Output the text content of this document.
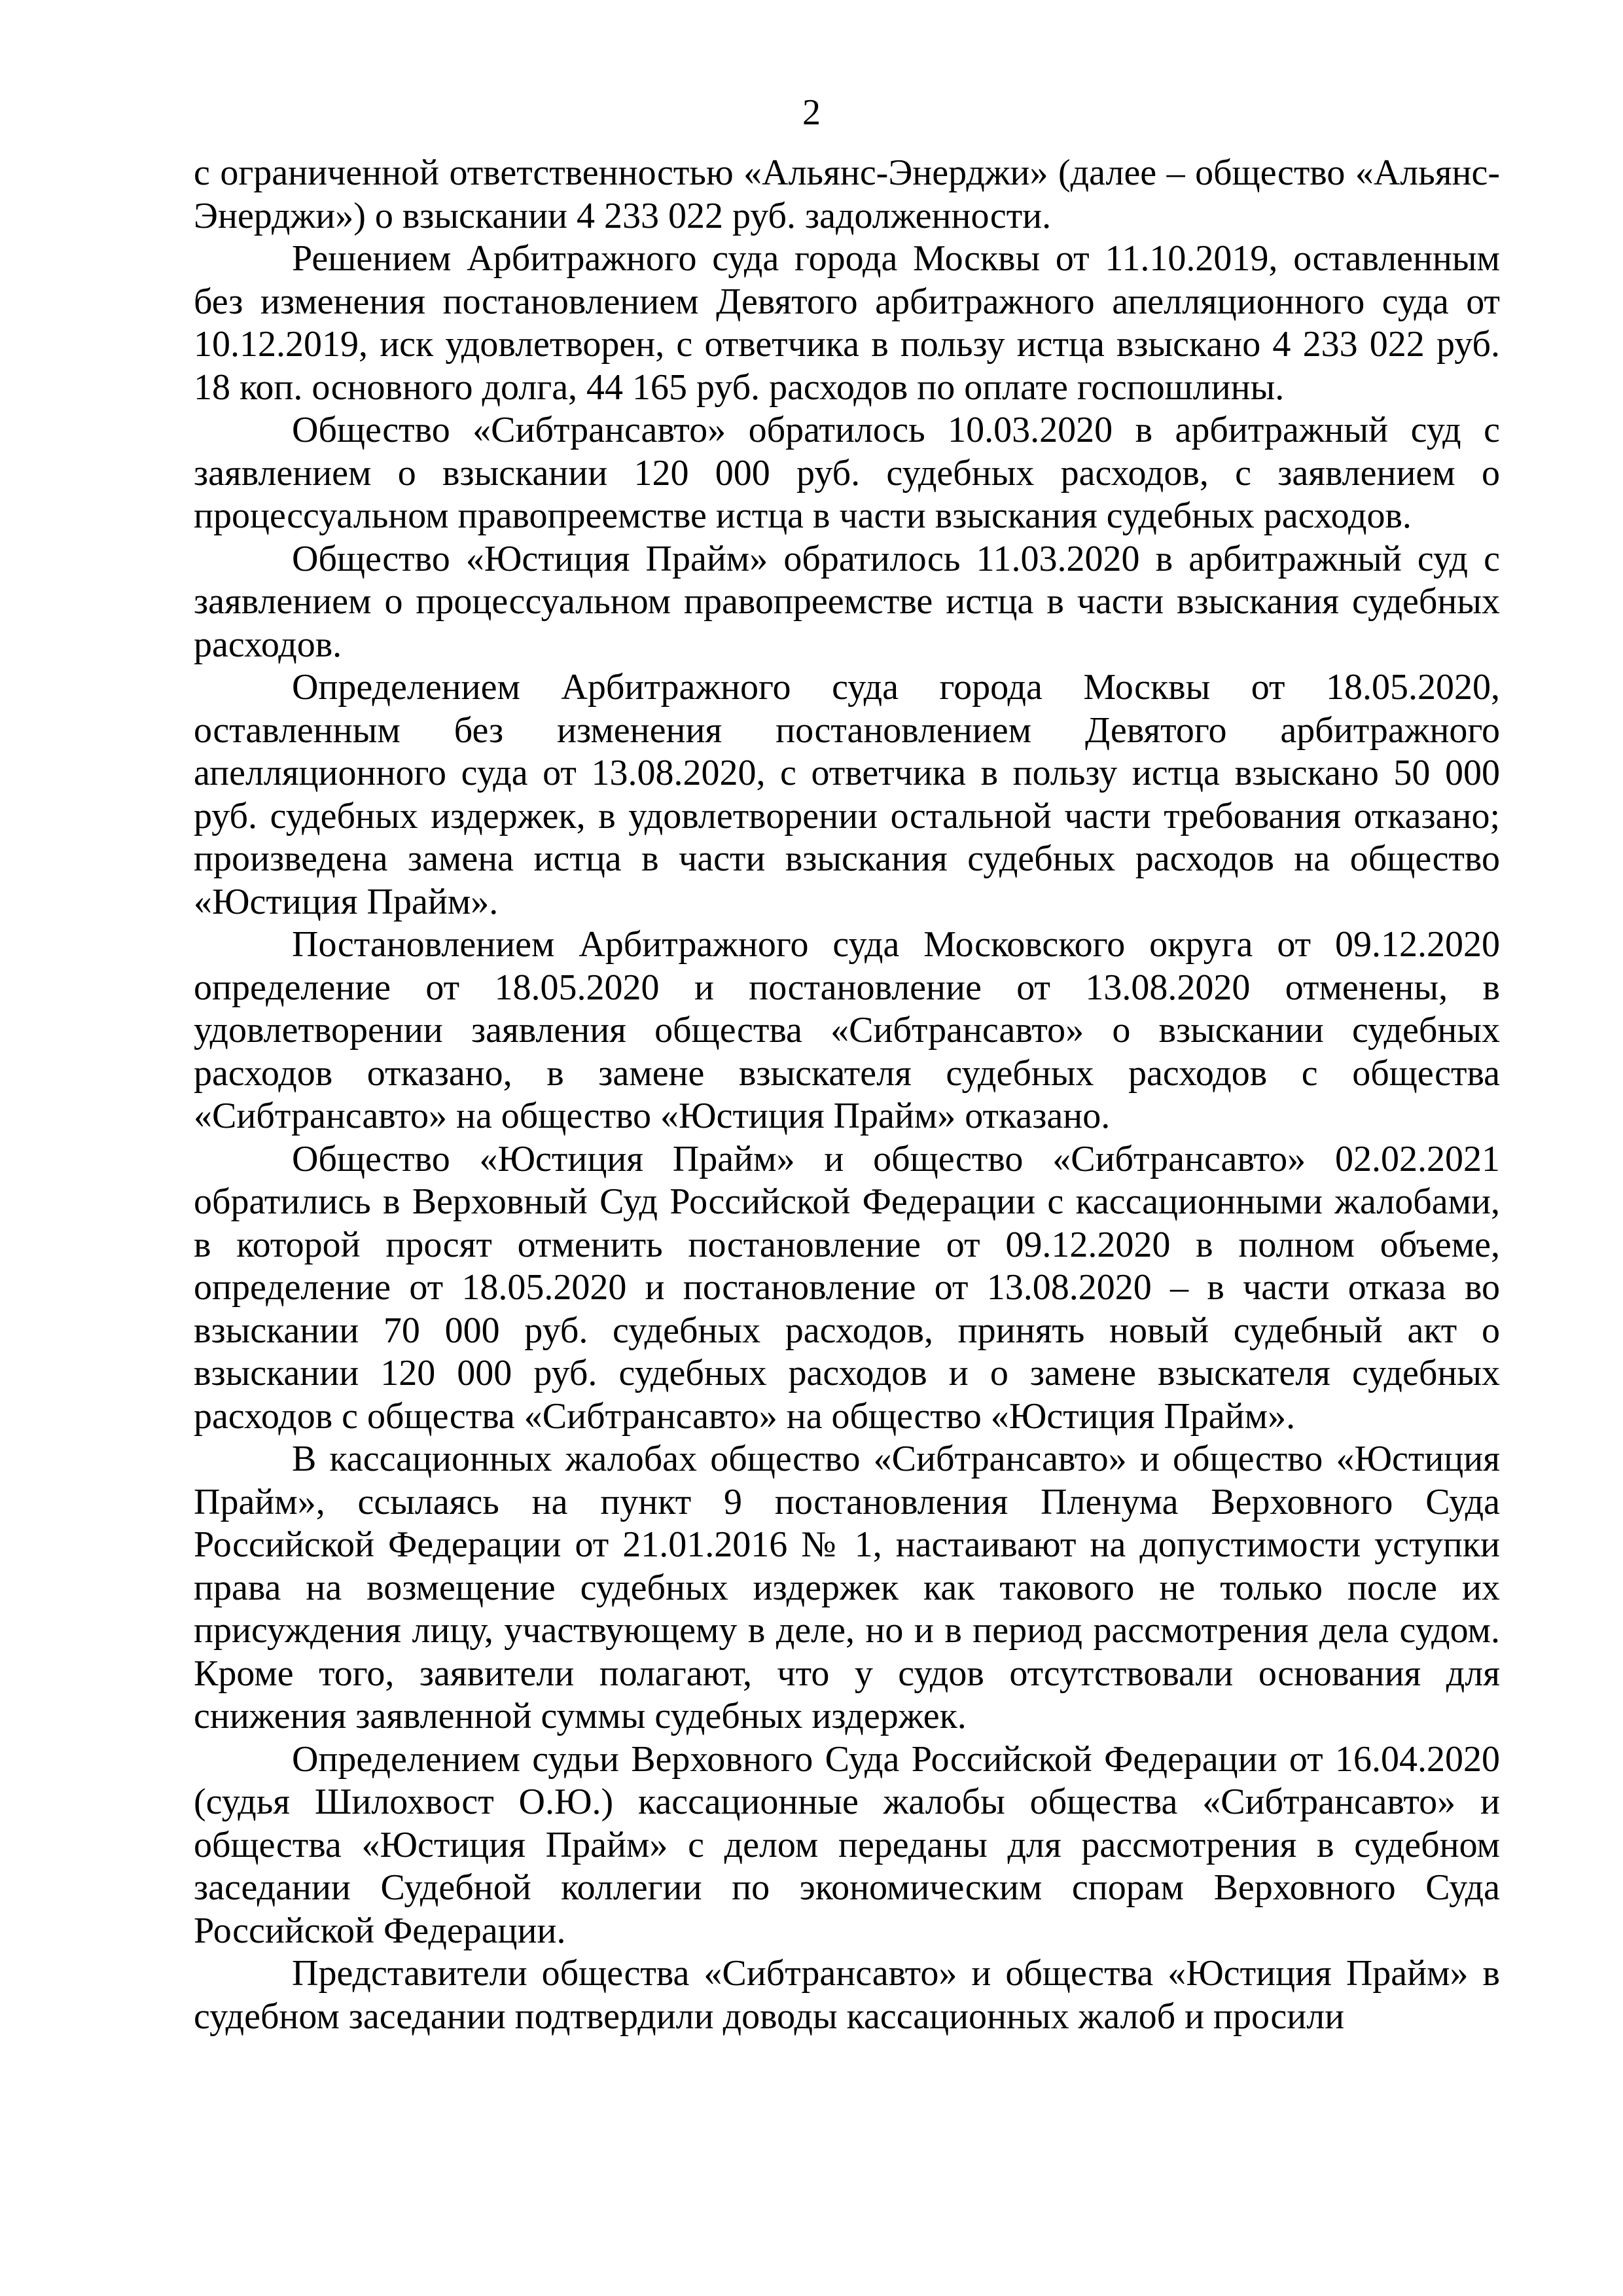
2

с ограниченной ответственностью «Альянс-Энерджи» (далее – общество «Альянс-Энерджи») о взыскании 4 233 022 руб. задолженности.

Решением Арбитражного суда города Москвы от 11.10.2019, оставленным без изменения постановлением Девятого арбитражного апелляционного суда от 10.12.2019, иск удовлетворен, с ответчика в пользу истца взыскано 4 233 022 руб. 18 коп. основного долга, 44 165 руб. расходов по оплате госпошлины.

Общество «Сибтрансавто» обратилось 10.03.2020 в арбитражный суд с заявлением о взыскании 120 000 руб. судебных расходов, с заявлением о процессуальном правопреемстве истца в части взыскания судебных расходов.

Общество «Юстиция Прайм» обратилось 11.03.2020 в арбитражный суд с заявлением о процессуальном правопреемстве истца в части взыскания судебных расходов.

Определением Арбитражного суда города Москвы от 18.05.2020, оставленным без изменения постановлением Девятого арбитражного апелляционного суда от 13.08.2020, с ответчика в пользу истца взыскано 50 000 руб. судебных издержек, в удовлетворении остальной части требования отказано; произведена замена истца в части взыскания судебных расходов на общество «Юстиция Прайм».

Постановлением Арбитражного суда Московского округа от 09.12.2020 определение от 18.05.2020 и постановление от 13.08.2020 отменены, в удовлетворении заявления общества «Сибтрансавто» о взыскании судебных расходов отказано, в замене взыскателя судебных расходов с общества «Сибтрансавто» на общество «Юстиция Прайм» отказано.

Общество «Юстиция Прайм» и общество «Сибтрансавто» 02.02.2021 обратились в Верховный Суд Российской Федерации с кассационными жалобами, в которой просят отменить постановление от 09.12.2020 в полном объеме, определение от 18.05.2020 и постановление от 13.08.2020 – в части отказа во взыскании 70 000 руб. судебных расходов, принять новый судебный акт о взыскании 120 000 руб. судебных расходов и о замене взыскателя судебных расходов с общества «Сибтрансавто» на общество «Юстиция Прайм».

В кассационных жалобах общество «Сибтрансавто» и общество «Юстиция Прайм», ссылаясь на пункт 9 постановления Пленума Верховного Суда Российской Федерации от 21.01.2016 № 1, настаивают на допустимости уступки права на возмещение судебных издержек как такового не только после их присуждения лицу, участвующему в деле, но и в период рассмотрения дела судом. Кроме того, заявители полагают, что у судов отсутствовали основания для снижения заявленной суммы судебных издержек.

Определением судьи Верховного Суда Российской Федерации от 16.04.2020 (судья Шилохвост О.Ю.) кассационные жалобы общества «Сибтрансавто» и общества «Юстиция Прайм» с делом переданы для рассмотрения в судебном заседании Судебной коллегии по экономическим спорам Верховного Суда Российской Федерации.

Представители общества «Сибтрансавто» и общества «Юстиция Прайм» в судебном заседании подтвердили доводы кассационных жалоб и просили
